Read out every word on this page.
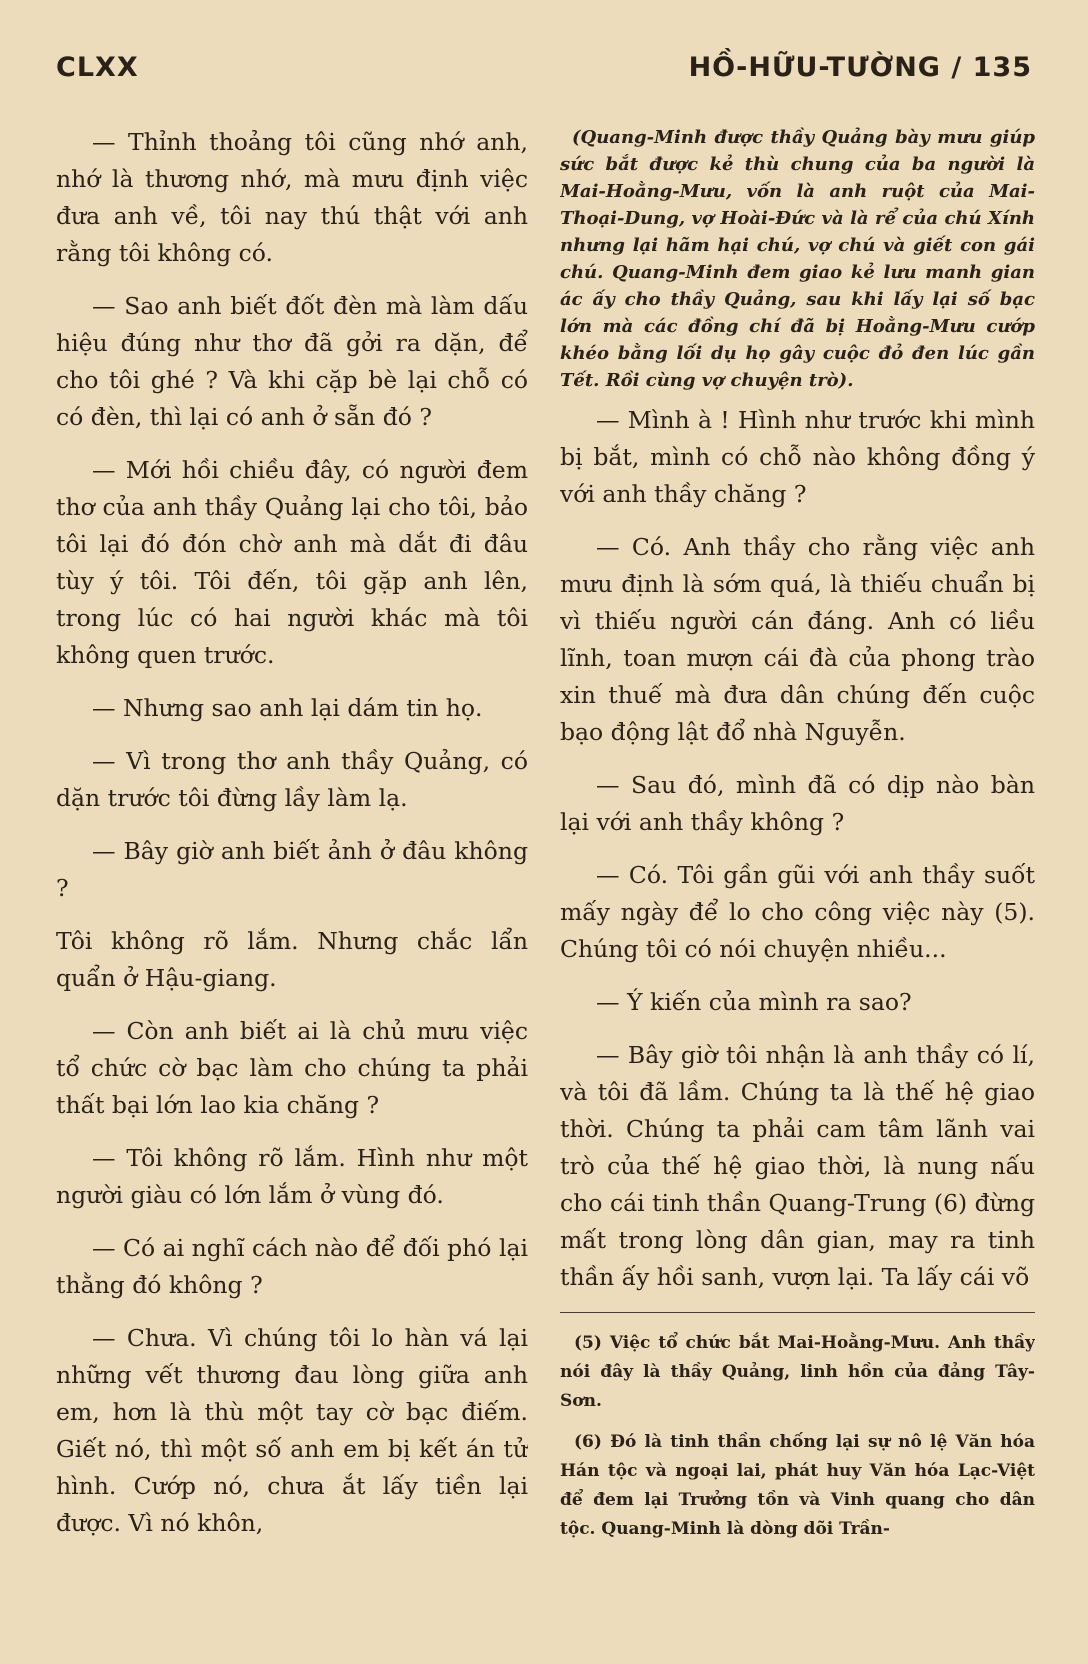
CLXX	HỒ-HỮU-TƯỜNG / 135

— Thỉnh thoảng tôi cũng nhớ anh, nhớ là thương nhớ, mà mưu định việc đưa anh về, tôi nay thú thật với anh rằng tôi không có.

— Sao anh biết đốt đèn mà làm dấu hiệu đúng như thơ đã gởi ra dặn, để cho tôi ghé ? Và khi cặp bè lại chỗ có có đèn, thì lại có anh ở sẵn đó ?

— Mới hồi chiều đây, có người đem thơ của anh thầy Quảng lại cho tôi, bảo tôi lại đó đón chờ anh mà dắt đi đâu tùy ý tôi. Tôi đến, tôi gặp anh lên, trong lúc có hai người khác mà tôi không quen trước.

— Nhưng sao anh lại dám tin họ.

— Vì trong thơ anh thầy Quảng, có dặn trước tôi đừng lầy làm lạ.

— Bây giờ anh biết ảnh ở đâu không ?

Tôi không rõ lắm. Nhưng chắc lẩn quẩn ở Hậu-giang.

— Còn anh biết ai là chủ mưu việc tổ chức cờ bạc làm cho chúng ta phải thất bại lớn lao kia chăng ?

— Tôi không rõ lắm. Hình như một người giàu có lớn lắm ở vùng đó.

— Có ai nghĩ cách nào để đối phó lại thằng đó không ?

— Chưa. Vì chúng tôi lo hàn vá lại những vết thương đau lòng giữa anh em, hơn là thù một tay cờ bạc điếm. Giết nó, thì một số anh em bị kết án tử hình. Cướp nó, chưa ắt lấy tiền lại được. Vì nó khôn,

(Quang-Minh được thầy Quảng bày mưu giúp sức bắt được kẻ thù chung của ba người là Mai-Hoằng-Mưu, vốn là anh ruột của Mai-Thoại-Dung, vợ Hoài-Đức và là rể của chú Xính nhưng lại hãm hại chú, vợ chú và giết con gái chú. Quang-Minh đem giao kẻ lưu manh gian ác ấy cho thầy Quảng, sau khi lấy lại số bạc lớn mà các đồng chí đã bị Hoằng-Mưu cướp khéo bằng lối dụ họ gây cuộc đỏ đen lúc gần Tết. Rồi cùng vợ chuyện trò).

— Mình à ! Hình như trước khi mình bị bắt, mình có chỗ nào không đồng ý với anh thầy chăng ?

— Có. Anh thầy cho rằng việc anh mưu định là sớm quá, là thiếu chuẩn bị vì thiếu người cán đáng. Anh có liều lĩnh, toan mượn cái đà của phong trào xin thuế mà đưa dân chúng đến cuộc bạo động lật đổ nhà Nguyễn.

— Sau đó, mình đã có dịp nào bàn lại với anh thầy không ?

— Có. Tôi gần gũi với anh thầy suốt mấy ngày để lo cho công việc này (5). Chúng tôi có nói chuyện nhiều...

— Ý kiến của mình ra sao?

— Bây giờ tôi nhận là anh thầy có lí, và tôi đã lầm. Chúng ta là thế hệ giao thời. Chúng ta phải cam tâm lãnh vai trò của thế hệ giao thời, là nung nấu cho cái tinh thần Quang-Trung (6) đừng mất trong lòng dân gian, may ra tinh thần ấy hồi sanh, vượn lại. Ta lấy cái võ

(5) Việc tổ chức bắt Mai-Hoằng-Mưu. Anh thầy nói đây là thầy Quảng, linh hồn của đảng Tây-Sơn.

(6) Đó là tinh thần chống lại sự nô lệ Văn hóa Hán tộc và ngoại lai, phát huy Văn hóa Lạc-Việt để đem lại Trưởng tồn và Vinh quang cho dân tộc. Quang-Minh là dòng dõi Trần-
